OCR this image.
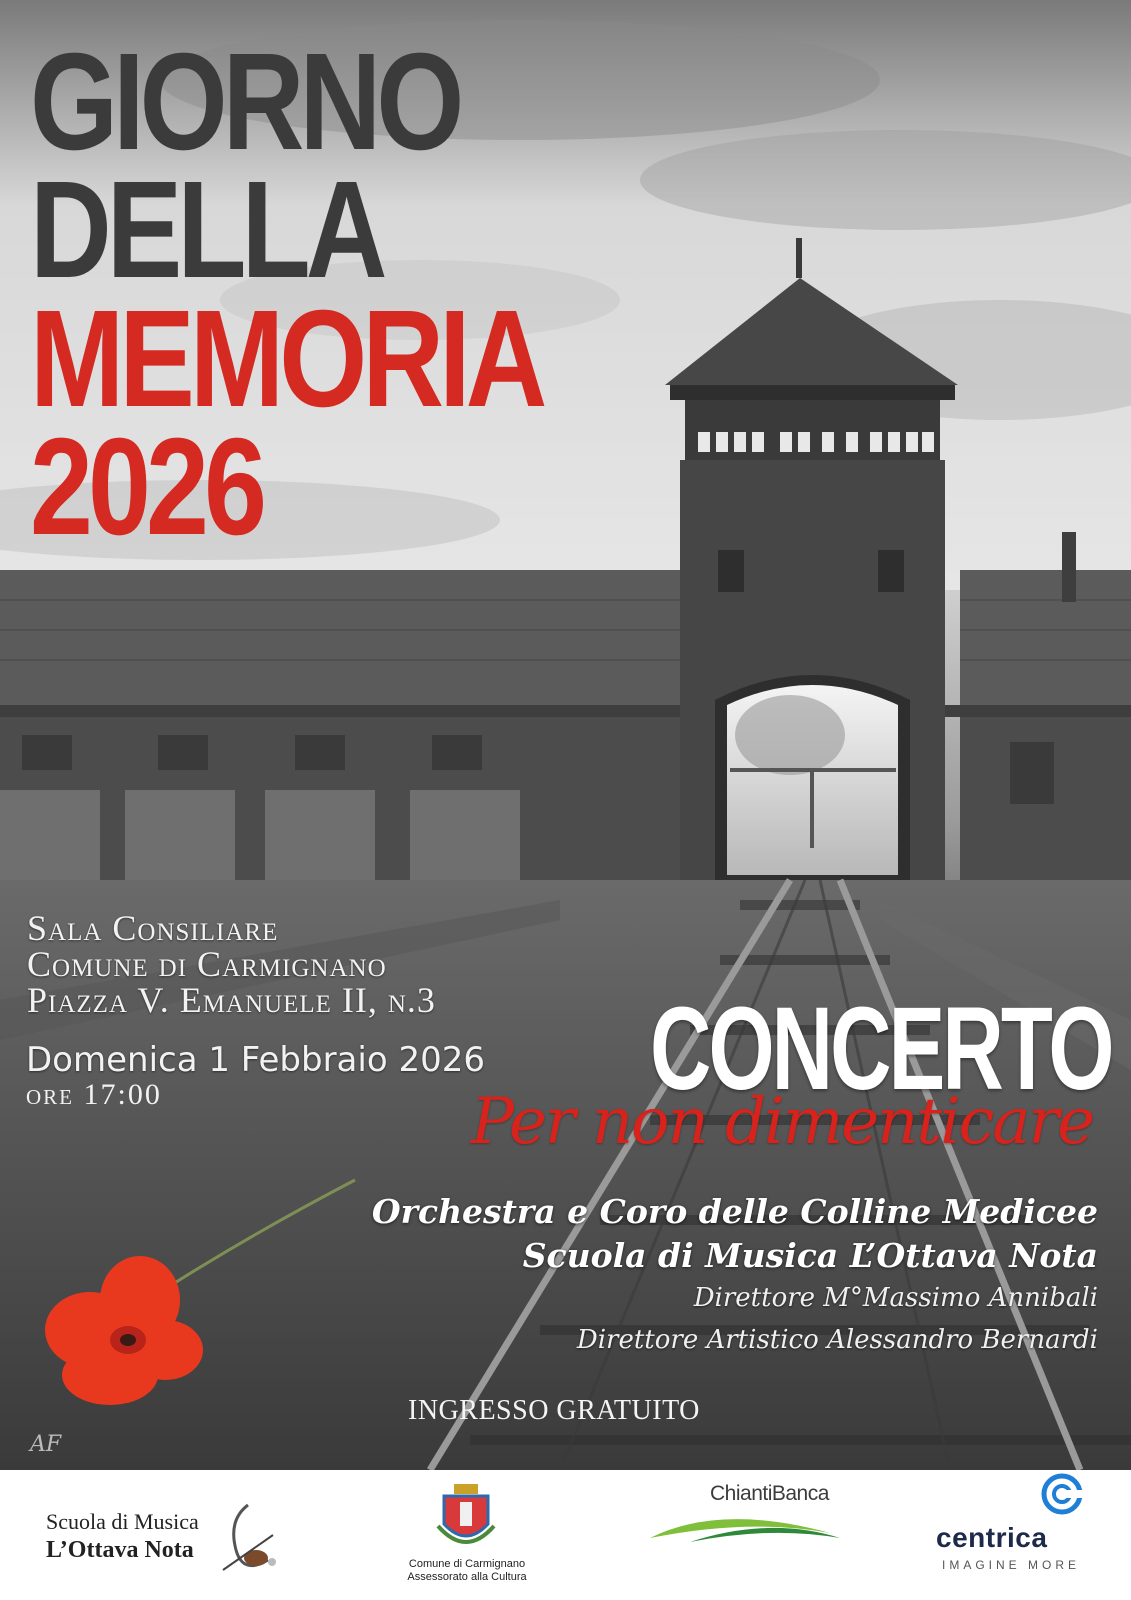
GIORNO
DELLA
MEMORIA
2026
Sala Consiliare
Comune di Carmignano
Piazza V. Emanuele II, n.3
Domenica 1 Febbraio 2026
ore 17:00	CONCERTO
Per non dimenticare
Orchestra e Coro delle Colline Medicee
Scuola di Musica L’Ottava Nota
Direttore M°Massimo Annibali
Direttore Artistico Alessandro Bernardi
INGRESSO GRATUITO
AF
Scuola di Musica
L’Ottava Nota
Comune di Carmignano
Assessorato alla Cultura
ChiantiBanca
centrica
IMAGINE MORE
